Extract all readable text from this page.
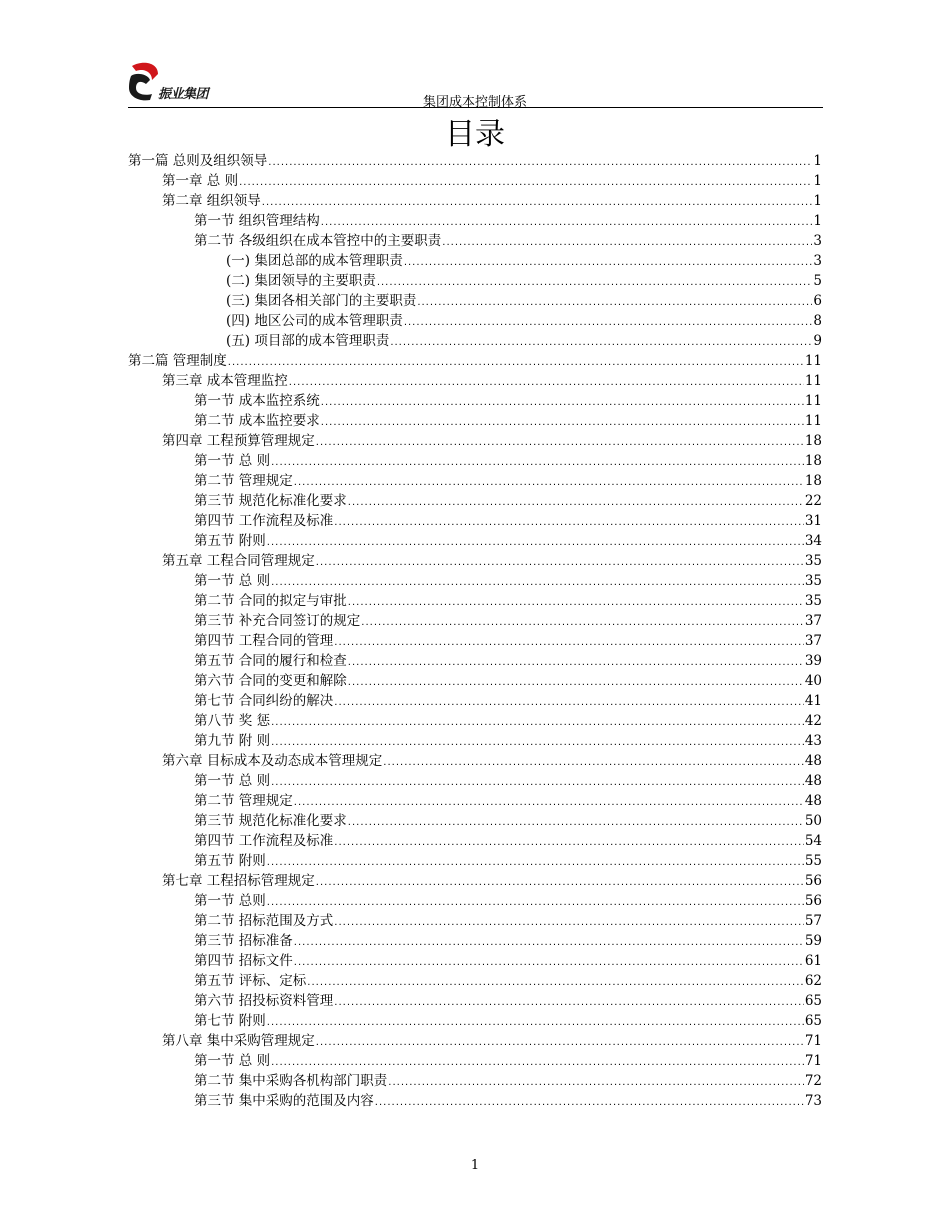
振业集团
集团成本控制体系
目录
第一篇 总则及组织领导 .....	1
第一章 总 则 .....	1
第二章 组织领导 .....	1
第一节 组织管理结构 .....	1
第二节 各级组织在成本管控中的主要职责 .....	3
(一) 集团总部的成本管理职责 .....	3
(二) 集团领导的主要职责 .....	5
(三) 集团各相关部门的主要职责 .....	6
(四) 地区公司的成本管理职责 .....	8
(五) 项目部的成本管理职责 .....	9
第二篇 管理制度 .....	11
第三章 成本管理监控 .....	11
第一节 成本监控系统 .....	11
第二节 成本监控要求 .....	11
第四章 工程预算管理规定 .....	18
第一节 总 则 .....	18
第二节 管理规定 .....	18
第三节 规范化标准化要求 .....	22
第四节 工作流程及标准 .....	31
第五节 附则 .....	34
第五章 工程合同管理规定 .....	35
第一节 总 则 .....	35
第二节 合同的拟定与审批 .....	35
第三节 补充合同签订的规定 .....	37
第四节 工程合同的管理 .....	37
第五节 合同的履行和检查 .....	39
第六节 合同的变更和解除 .....	40
第七节 合同纠纷的解决 .....	41
第八节 奖 惩 .....	42
第九节 附 则 .....	43
第六章 目标成本及动态成本管理规定 .....	48
第一节 总 则 .....	48
第二节 管理规定 .....	48
第三节 规范化标准化要求 .....	50
第四节 工作流程及标准 .....	54
第五节 附则 .....	55
第七章 工程招标管理规定 .....	56
第一节 总则 .....	56
第二节 招标范围及方式 .....	57
第三节 招标准备 .....	59
第四节 招标文件 .....	61
第五节 评标、定标 .....	62
第六节 招投标资料管理 .....	65
第七节 附则 .....	65
第八章 集中采购管理规定 .....	71
第一节 总 则 .....	71
第二节 集中采购各机构部门职责 .....	72
第三节 集中采购的范围及内容 .....	73
1
